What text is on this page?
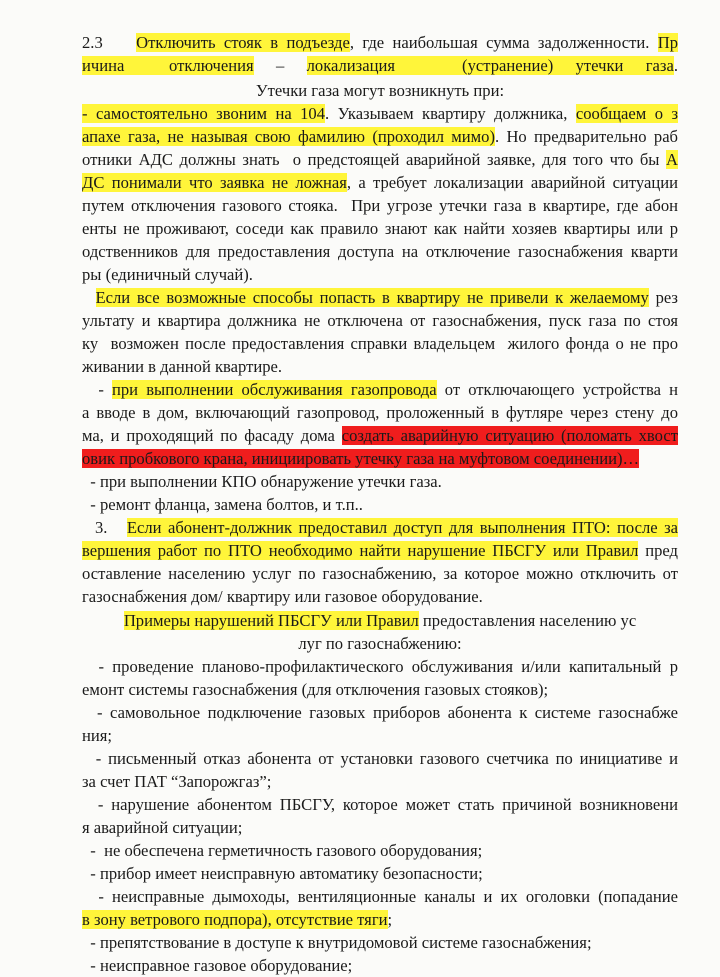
2.3    Отключить стояк в подъезде, где наибольшая сумма задолженности. Пр
ичина  отключения – локализация   (устранение) утечки газа.
Утечки газа могут возникнуть при:
- самостоятельно звоним на 104. Указываем квартиру должника, сообщаем о з
апахе газа, не называя свою фамилию (проходил мимо). Но предварительно раб
отники АДС должны знать  о предстоящей аварийной заявке, для того что бы А
ДС понимали что заявка не ложная, а требует локализации аварийной ситуации
путем отключения газового стояка.  При угрозе утечки газа в квартире, где абон
енты не проживают, соседи как правило знают как найти хозяев квартиры или р
одственников для предоставления доступа на отключение газоснабжения кварти
ры (единичный случай).
Если все возможные способы попасть в квартиру не привели к желаемому рез
ультату и квартира должника не отключена от газоснабжения, пуск газа по стоя
ку  возможен после предоставления справки владельцем  жилого фонда о не про
живании в данной квартире.
- при выполнении обслуживания газопровода от отключающего устройства н
а вводе в дом, включающий газопровод, проложенный в футляре через стену до
ма, и проходящий по фасаду дома создать аварийную ситуацию (поломать хвост
овик пробкового крана, инициировать утечку газа на муфтовом соединении)…
- при выполнении КПО обнаружение утечки газа.
- ремонт фланца, замена болтов, и т.п..
3.   Если абонент-должник предоставил доступ для выполнения ПТО: после за
вершения работ по ПТО необходимо найти нарушение ПБСГУ или Правил пред
оставление населению услуг по газоснабжению, за которое можно отключить от
газоснабжения дом/ квартиру или газовое оборудование.
Примеры нарушений ПБСГУ или Правил предоставления населению ус
луг по газоснабжению:
- проведение планово-профилактического обслуживания и/или капитальный р
емонт системы газоснабжения (для отключения газовых стояков);
- самовольное подключение газовых приборов абонента к системе газоснабже
ния;
- письменный отказ абонента от установки газового счетчика по инициативе и
за счет ПАТ “Запорожгаз”;
- нарушение абонентом ПБСГУ, которое может стать причиной возникновени
я аварийной ситуации;
-  не обеспечена герметичность газового оборудования;
- прибор имеет неисправную автоматику безопасности;
- неисправные дымоходы, вентиляционные каналы и их оголовки (попадание
в зону ветрового подпора), отсутствие тяги;
- препятствование в доступе к внутридомовой системе газоснабжения;
- неисправное газовое оборудование;
